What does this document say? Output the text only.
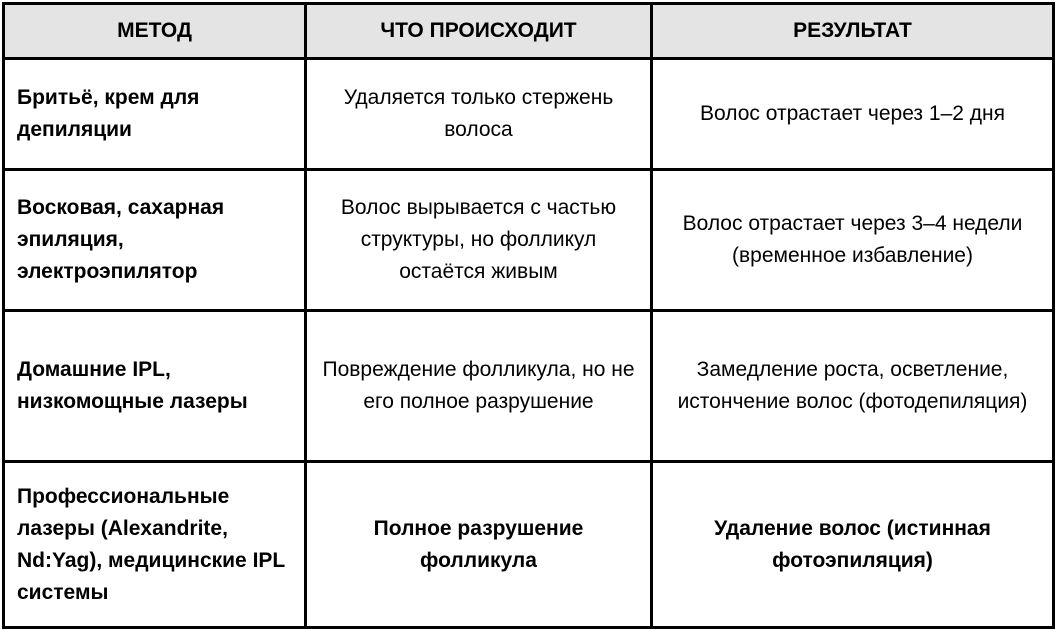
МЕТОД	ЧТО ПРОИСХОДИТ	РЕЗУЛЬТАТ
Бритьё, крем для депиляции	Удаляется только стержень волоса	Волос отрастает через 1–2 дня
Восковая, сахарная эпиляция, электроэпилятор	Волос вырывается с частью структуры, но фолликул остаётся живым	Волос отрастает через 3–4 недели (временное избавление)
Домашние IPL, низкомощные лазеры	Повреждение фолликула, но не его полное разрушение	Замедление роста, осветление, истончение волос (фотодепиляция)
Профессиональные лазеры (Alexandrite, Nd:Yag), медицинские IPL системы	Полное разрушение фолликула	Удаление волос (истинная фотоэпиляция)
